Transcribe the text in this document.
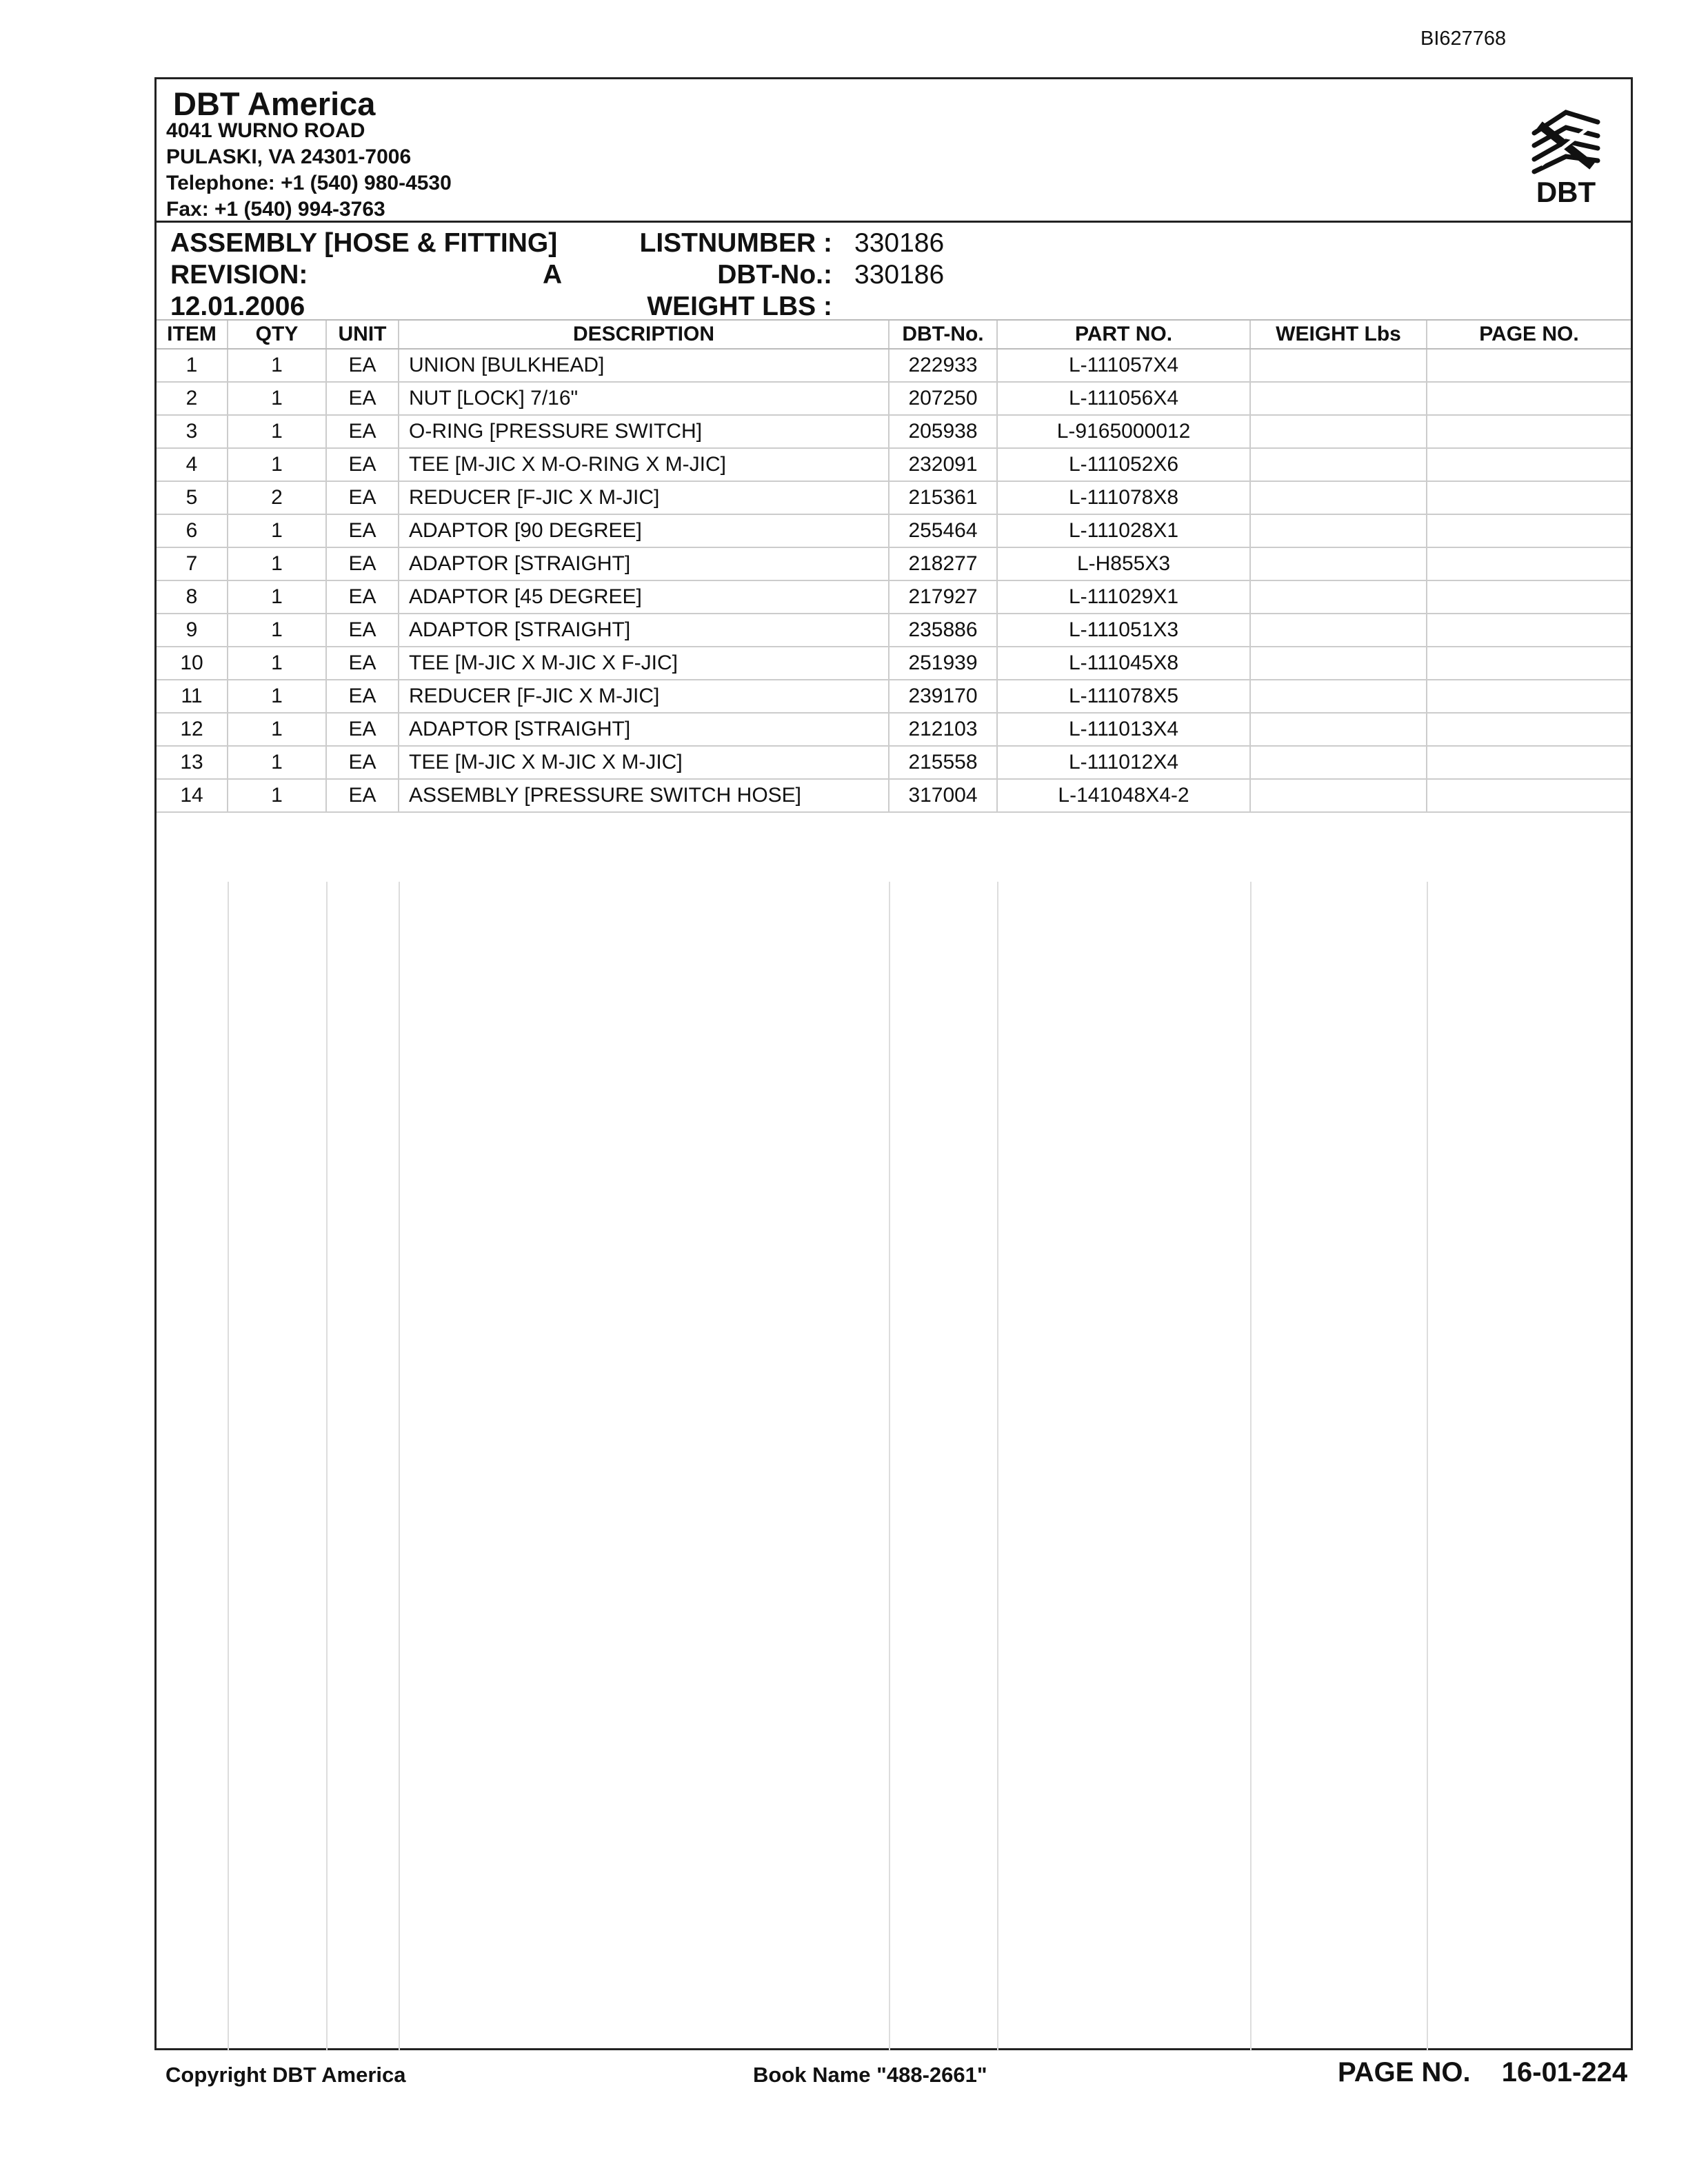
BI627768
DBT America
4041 WURNO ROAD
PULASKI, VA 24301-7006
Telephone: +1 (540) 980-4530
Fax: +1 (540) 994-3763
DBT
ASSEMBLY [HOSE & FITTING]
REVISION:	A
12.01.2006
LISTNUMBER :
DBT-No.:
WEIGHT LBS :
330186
330186
ITEM	QTY	UNIT	DESCRIPTION	DBT-No.	PART NO.	WEIGHT Lbs	PAGE NO.
1	1	EA	UNION [BULKHEAD]	222933	L-111057X4		
2	1	EA	NUT [LOCK] 7/16"	207250	L-111056X4		
3	1	EA	O-RING [PRESSURE SWITCH]	205938	L-9165000012		
4	1	EA	TEE [M-JIC X M-O-RING X M-JIC]	232091	L-111052X6		
5	2	EA	REDUCER [F-JIC X M-JIC]	215361	L-111078X8		
6	1	EA	ADAPTOR [90 DEGREE]	255464	L-111028X1		
7	1	EA	ADAPTOR [STRAIGHT]	218277	L-H855X3		
8	1	EA	ADAPTOR [45 DEGREE]	217927	L-111029X1		
9	1	EA	ADAPTOR [STRAIGHT]	235886	L-111051X3		
10	1	EA	TEE [M-JIC X M-JIC X F-JIC]	251939	L-111045X8		
11	1	EA	REDUCER [F-JIC X M-JIC]	239170	L-111078X5		
12	1	EA	ADAPTOR [STRAIGHT]	212103	L-111013X4		
13	1	EA	TEE [M-JIC X M-JIC X M-JIC]	215558	L-111012X4		
14	1	EA	ASSEMBLY [PRESSURE SWITCH HOSE]	317004	L-141048X4-2		
Copyright DBT America	Book Name "488-2661"	PAGE NO. 16-01-224
